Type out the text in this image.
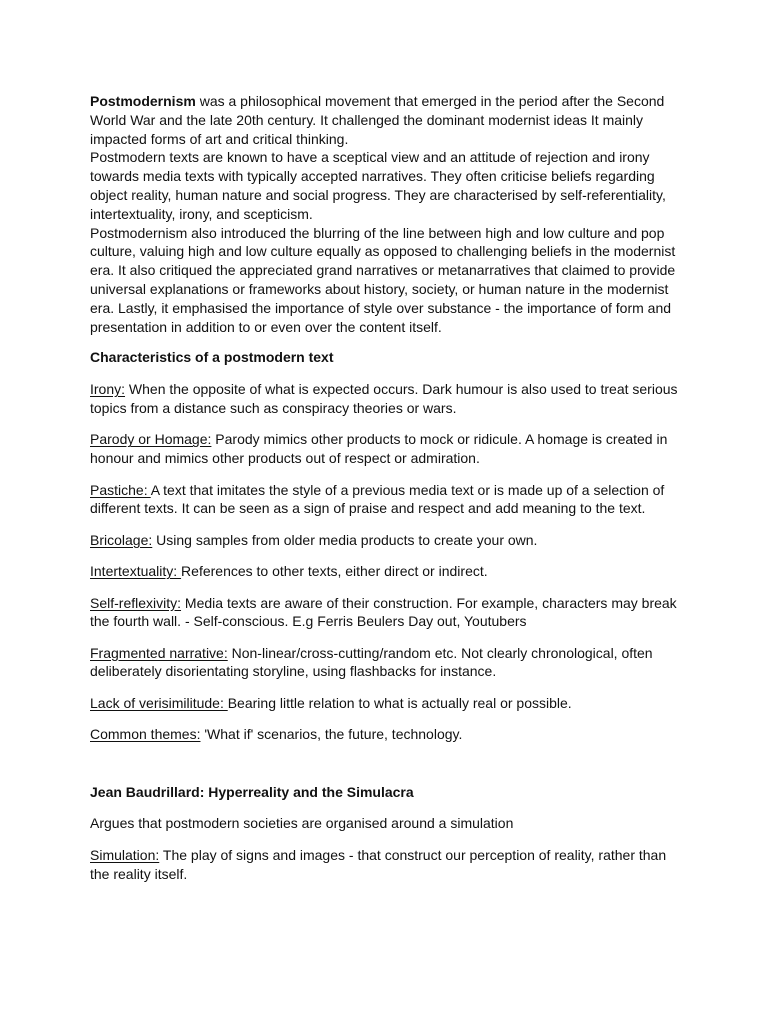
Postmodernism was a philosophical movement that emerged in the period after the Second World War and the late 20th century. It challenged the dominant modernist ideas It mainly impacted forms of art and critical thinking.

Postmodern texts are known to have a sceptical view and an attitude of rejection and irony towards media texts with typically accepted narratives. They often criticise beliefs regarding object reality, human nature and social progress. They are characterised by self-referentiality, intertextuality, irony, and scepticism.

Postmodernism also introduced the blurring of the line between high and low culture and pop culture, valuing high and low culture equally as opposed to challenging beliefs in the modernist era. It also critiqued the appreciated grand narratives or metanarratives that claimed to provide universal explanations or frameworks about history, society, or human nature in the modernist era. Lastly, it emphasised the importance of style over substance - the importance of form and presentation in addition to or even over the content itself.

Characteristics of a postmodern text
Irony: When the opposite of what is expected occurs. Dark humour is also used to treat serious topics from a distance such as conspiracy theories or wars.
Parody or Homage: Parody mimics other products to mock or ridicule. A homage is created in honour and mimics other products out of respect or admiration.
Pastiche: A text that imitates the style of a previous media text or is made up of a selection of different texts. It can be seen as a sign of praise and respect and add meaning to the text.
Bricolage: Using samples from older media products to create your own.
Intertextuality: References to other texts, either direct or indirect.
Self-reflexivity: Media texts are aware of their construction. For example, characters may break the fourth wall. - Self-conscious. E.g Ferris Beulers Day out, Youtubers
Fragmented narrative: Non-linear/cross-cutting/random etc. Not clearly chronological, often deliberately disorientating storyline, using flashbacks for instance.
Lack of verisimilitude: Bearing little relation to what is actually real or possible.
Common themes: 'What if' scenarios, the future, technology.
Jean Baudrillard: Hyperreality and the Simulacra
Argues that postmodern societies are organised around a simulation
Simulation: The play of signs and images - that construct our perception of reality, rather than the reality itself.
